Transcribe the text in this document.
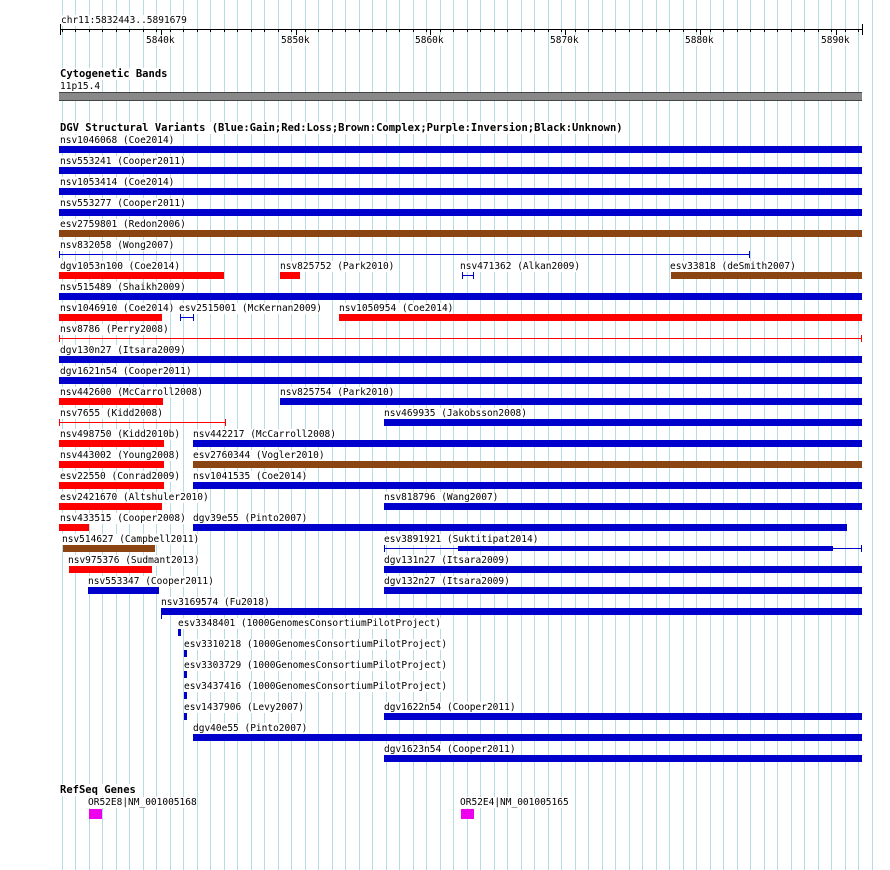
chr11:5832443..5891679
5840k	5850k	5860k	5870k	5880k	5890k
Cytogenetic Bands
11p15.4
DGV Structural Variants (Blue:Gain;Red:Loss;Brown:Complex;Purple:Inversion;Black:Unknown)
nsv1046068 (Coe2014)
nsv553241 (Cooper2011)
nsv1053414 (Coe2014)
nsv553277 (Cooper2011)
esv2759801 (Redon2006)
nsv832058 (Wong2007)
dgv1053n100 (Coe2014)	nsv825752 (Park2010)	nsv471362 (Alkan2009)	esv33818 (deSmith2007)
nsv515489 (Shaikh2009)
nsv1046910 (Coe2014) esv2515001 (McKernan2009) nsv1050954 (Coe2014)
nsv8786 (Perry2008)
dgv130n27 (Itsara2009)
dgv1621n54 (Cooper2011)
nsv442600 (McCarroll2008)	nsv825754 (Park2010)
nsv7655 (Kidd2008)	nsv469935 (Jakobsson2008)
nsv498750 (Kidd2010b) nsv442217 (McCarroll2008)
nsv443002 (Young2008) esv2760344 (Vogler2010)
esv22550 (Conrad2009) nsv1041535 (Coe2014)
esv2421670 (Altshuler2010)	nsv818796 (Wang2007)
nsv433515 (Cooper2008) dgv39e55 (Pinto2007)
nsv514627 (Campbell2011)	esv3891921 (Suktitipat2014)
nsv975376 (Sudmant2013)	dgv131n27 (Itsara2009)
nsv553347 (Cooper2011)	dgv132n27 (Itsara2009)
nsv3169574 (Fu2018)
esv3348401 (1000GenomesConsortiumPilotProject)
esv3310218 (1000GenomesConsortiumPilotProject)
esv3303729 (1000GenomesConsortiumPilotProject)
esv3437416 (1000GenomesConsortiumPilotProject)
esv1437906 (Levy2007)	dgv1622n54 (Cooper2011)
dgv40e55 (Pinto2007)
dgv1623n54 (Cooper2011)
RefSeq Genes
OR52E8|NM_001005168	OR52E4|NM_001005165
